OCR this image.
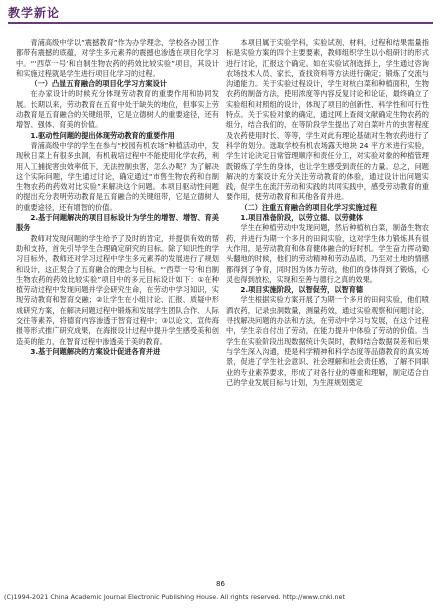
教学新论

青浦高级中学以“震撼教育”作为办学理念，学校各办园工作都带有震撼的底蕴，对学生多元素养的震撼也渗透在项目化学习中。“‘西草一号’和自制生物农药的药效比较实验”项目，其设计和实施过程就是学生进行项目化学习的过程。

（一）凸显五育融合的项目化学习方案设计

在办家设计的时候充分体现劳动教育的重要作用和协同发展。长期以来，劳动教育在五育中处于缺失的地位，但事实上劳动教育是五育融合的关键纽带，它是立德树人的重要途径，还有增智、强体、育美的价值。

1.驱动性问题的提出体现劳动教育的重要作用

青浦高级中学的学生在参与“校园有机农场”种植活动中，发现秋日菜上有很多虫洞，有机栽培过程中不能使用化学农药，利用人工捕捉害虫效率低下，无法控制虫害，怎么办呢？为了解决这个实际问题，学生通过讨论，确定通过“市售生物农药和自制生物农药的药效对比实验”来解决这个问题。本项目驱动性问题的提出充分表明劳动教育是五育融合的关键纽带，它是立德树人的重要途径，还有增智的价值。

2.基于问题解决的项目目标设计为学生的增智、增智、育美服务

教师对发现问题的学生给予了及时的肯定，并提供有效的帮助和支持，首先引导学生合理确定研究的目标。除了知识性的学习目标外，教师还对学习过程中学生多元素养的发展进行了规划和设计，这正契合了五育融合的理念与目标。“‘西草一号’和自制生物农药的药效比较实验”项目中的多元目标设计如下：①在种植劳动过程中发现问题并学会研究生命，在劳动中学习知识，实现劳动教育和智育交融；②让学生在小组讨论、汇报、质疑中形成研究方案，在解决问题过程中锻炼和发展学生团队合作、人际交往等素养，将德育内容渗透于智育过程中；③以论文、宣传海报等形式推广研究成果，在海报设计过程中提升学生感受美和创造美的能力，在智育过程中渗透美于美的教育。

3.基于问题解决的方案设计促进各育并进

本项目属于实验学科，实验试剂、材料，过程和结果需量指标是实验方案的四个主要要素，教师组织学生以小组研讨的形式进行讨论，汇报这个确定。如在实验试剂选择上，学生通过咨询农场技术人员、家长，查找资料等方法进行确定；锻炼了交流与沟通能力。关于实验过程设计，学生对杭白菜和种植面积，生物农药的制备方法，使用浓度等内容反复讨论和论证，最终确立了实验组和对照组的设计，体现了项目的创新性、科学性和可行性特点。关于实验对象的确定，通过网上查阅文献确定生物农药的组分，结合我们的，在等阶段学生提出了对白菜叶片的虫害程度及农药使用时长、等等，学生对此有理论基础对生物农药进行了科学的划分。选取学校有机农场露天地块 24 平方米进行实验，学生讨论决定日常管理顺序和责任分工，对实验对象的种植管理既锻炼了学生的身体，也让学生感受到责任的力量。总之，问题解决的方案设计充分关注劳动教育的体验，通过设计出问题实践，促学生在流汗劳动和实践的共同实践中，感受劳动教育的重要作用，使劳动教育和其他各育并进。

（二）注重五育融合的项目化学习实施过程

1.项目准备阶段，以劳立德、以劳健体

学生在种植劳动中发现问题，然后种植杭白菜，制备生物农药，并进行为期一个多月的田间实验，这对学生体力锻炼具有很大作用，是劳动教育和体育健体融合的好时机。学生奋力挥动锄头翻地的时候，他们的劳动精神和劳动品质，乃至对土地的情感都得到了争育，同时因为体力劳动，他们的身体得到了锻炼，心灵也得到放松，实现和至善与德行之真的效果。

2.项目实施阶段，以智促劳，以智育德

学生根据实验方案开展了为期一个多月的田间实验，他们喷洒农药，记录虫洞数量，测量药效，通过实验观察和问题讨论，寻找解决问题的办法和方法，在劳动中学习与发展，在这个过程中，学生亲自付出了劳动，在能力提升中体验了劳动的价值。当学生在实验阶段出现数据统计失误时，教师结合数据误差和后果与学生深入沟通，使是科学精神和科学态度等品德教育的真实场景，促进了学生社会意识、社会理解和社会责任感，了解不同职业的专业素养要求，形成了对各行业的尊重和理解，制定适合自己的学业发展目标与计划，为生涯规划奠定

86
(C)1994-2021 China Academic Journal Electronic Publishing House. All rights reserved. http://www.cnki.net
